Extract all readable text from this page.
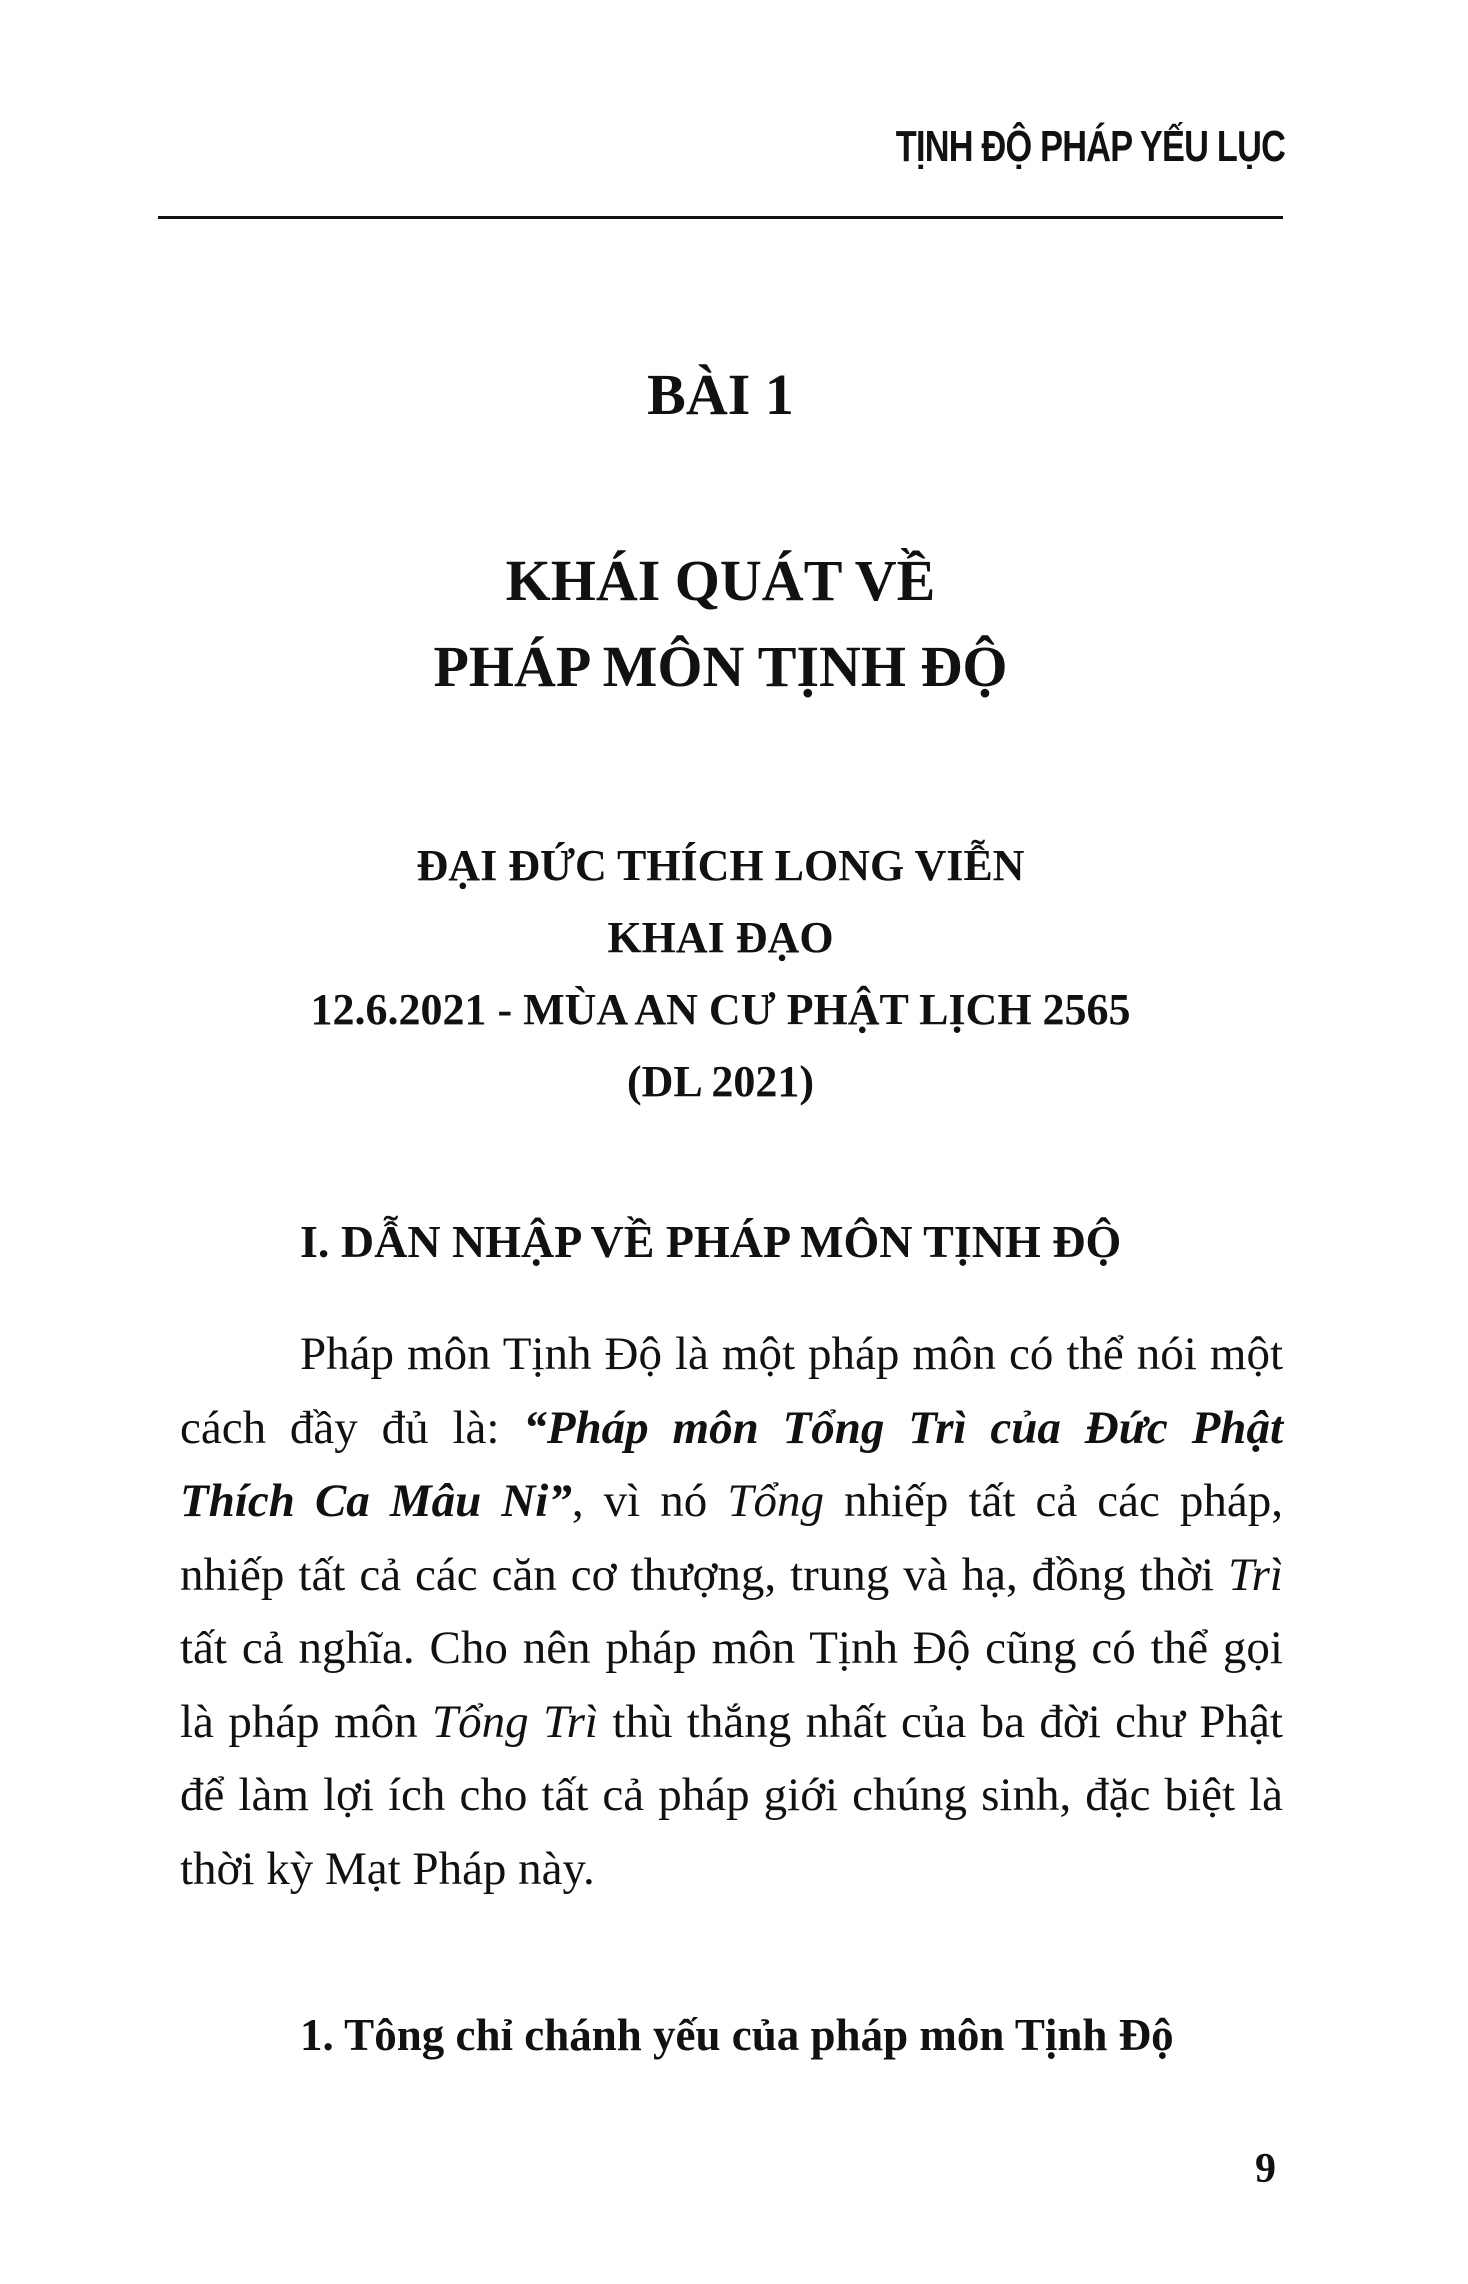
TỊNH ĐỘ PHÁP YẾU LỤC
BÀI 1
KHÁI QUÁT VỀ
PHÁP MÔN TỊNH ĐỘ
ĐẠI ĐỨC THÍCH LONG VIỄN
KHAI ĐẠO
12.6.2021 - MÙA AN CƯ PHẬT LỊCH 2565
(DL 2021)
I. DẪN NHẬP VỀ PHÁP MÔN TỊNH ĐỘ

Pháp môn Tịnh Độ là một pháp môn có thể nói một cách đầy đủ là: “Pháp môn Tổng Trì của Đức Phật Thích Ca Mâu Ni”, vì nó Tổng nhiếp tất cả các pháp, nhiếp tất cả các căn cơ thượng, trung và hạ, đồng thời Trì tất cả nghĩa. Cho nên pháp môn Tịnh Độ cũng có thể gọi là pháp môn Tổng Trì thù thắng nhất của ba đời chư Phật để làm lợi ích cho tất cả pháp giới chúng sinh, đặc biệt là thời kỳ Mạt Pháp này.

1. Tông chỉ chánh yếu của pháp môn Tịnh Độ
9
